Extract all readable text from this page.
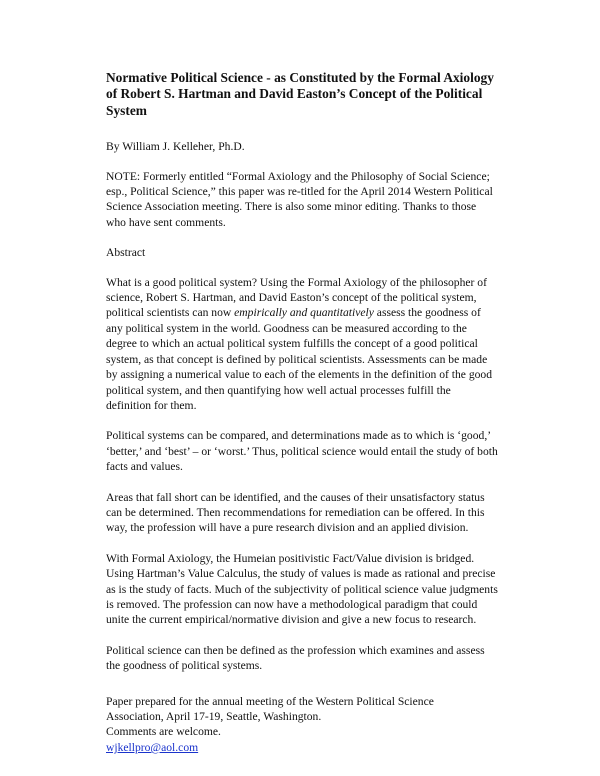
Normative Political Science - as Constituted by the Formal Axiology of Robert S. Hartman and David Easton’s Concept of the Political System

By William J. Kelleher, Ph.D.

NOTE: Formerly entitled “Formal Axiology and the Philosophy of Social Science; esp., Political Science,” this paper was re-titled for the April 2014 Western Political Science Association meeting. There is also some minor editing. Thanks to those who have sent comments.

Abstract

What is a good political system? Using the Formal Axiology of the philosopher of science, Robert S. Hartman, and David Easton’s concept of the political system, political scientists can now empirically and quantitatively assess the goodness of any political system in the world. Goodness can be measured according to the degree to which an actual political system fulfills the concept of a good political system, as that concept is defined by political scientists. Assessments can be made by assigning a numerical value to each of the elements in the definition of the good political system, and then quantifying how well actual processes fulfill the definition for them.

Political systems can be compared, and determinations made as to which is ‘good,’ ‘better,’ and ‘best’ – or ‘worst.’ Thus, political science would entail the study of both facts and values.

Areas that fall short can be identified, and the causes of their unsatisfactory status can be determined. Then recommendations for remediation can be offered. In this way, the profession will have a pure research division and an applied division.

With Formal Axiology, the Humeian positivistic Fact/Value division is bridged. Using Hartman’s Value Calculus, the study of values is made as rational and precise as is the study of facts. Much of the subjectivity of political science value judgments is removed. The profession can now have a methodological paradigm that could unite the current empirical/normative division and give a new focus to research.

Political science can then be defined as the profession which examines and assess the goodness of political systems.

Paper prepared for the annual meeting of the Western Political Science

Association, April 17-19, Seattle, Washington.

Comments are welcome.

wjkellpro@aol.com
